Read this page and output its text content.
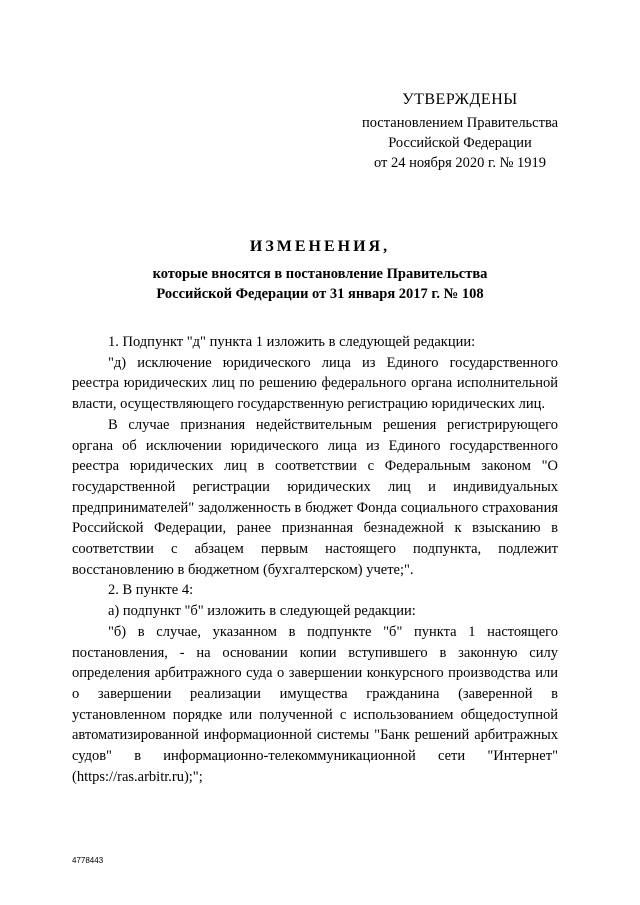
УТВЕРЖДЕНЫ
постановлением Правительства
Российской Федерации
от 24 ноября 2020 г. № 1919
ИЗМЕНЕНИЯ,
которые вносятся в постановление Правительства
Российской Федерации от 31 января 2017 г. № 108

1. Подпункт "д" пункта 1 изложить в следующей редакции:

"д) исключение юридического лица из Единого государственного реестра юридических лиц по решению федерального органа исполнительной власти, осуществляющего государственную регистрацию юридических лиц.

В случае признания недействительным решения регистрирующего органа об исключении юридического лица из Единого государственного реестра юридических лиц в соответствии с Федеральным законом "О государственной регистрации юридических лиц и индивидуальных предпринимателей" задолженность в бюджет Фонда социального страхования Российской Федерации, ранее признанная безнадежной к взысканию в соответствии с абзацем первым настоящего подпункта, подлежит восстановлению в бюджетном (бухгалтерском) учете;".

2. В пункте 4:

а) подпункт "б" изложить в следующей редакции:

"б) в случае, указанном в подпункте "б" пункта 1 настоящего постановления, - на основании копии вступившего в законную силу определения арбитражного суда о завершении конкурсного производства или о завершении реализации имущества гражданина (заверенной в установленном порядке или полученной с использованием общедоступной автоматизированной информационной системы "Банк решений арбитражных судов" в информационно-телекоммуникационной сети "Интернет" (https://ras.arbitr.ru);";

4778443
